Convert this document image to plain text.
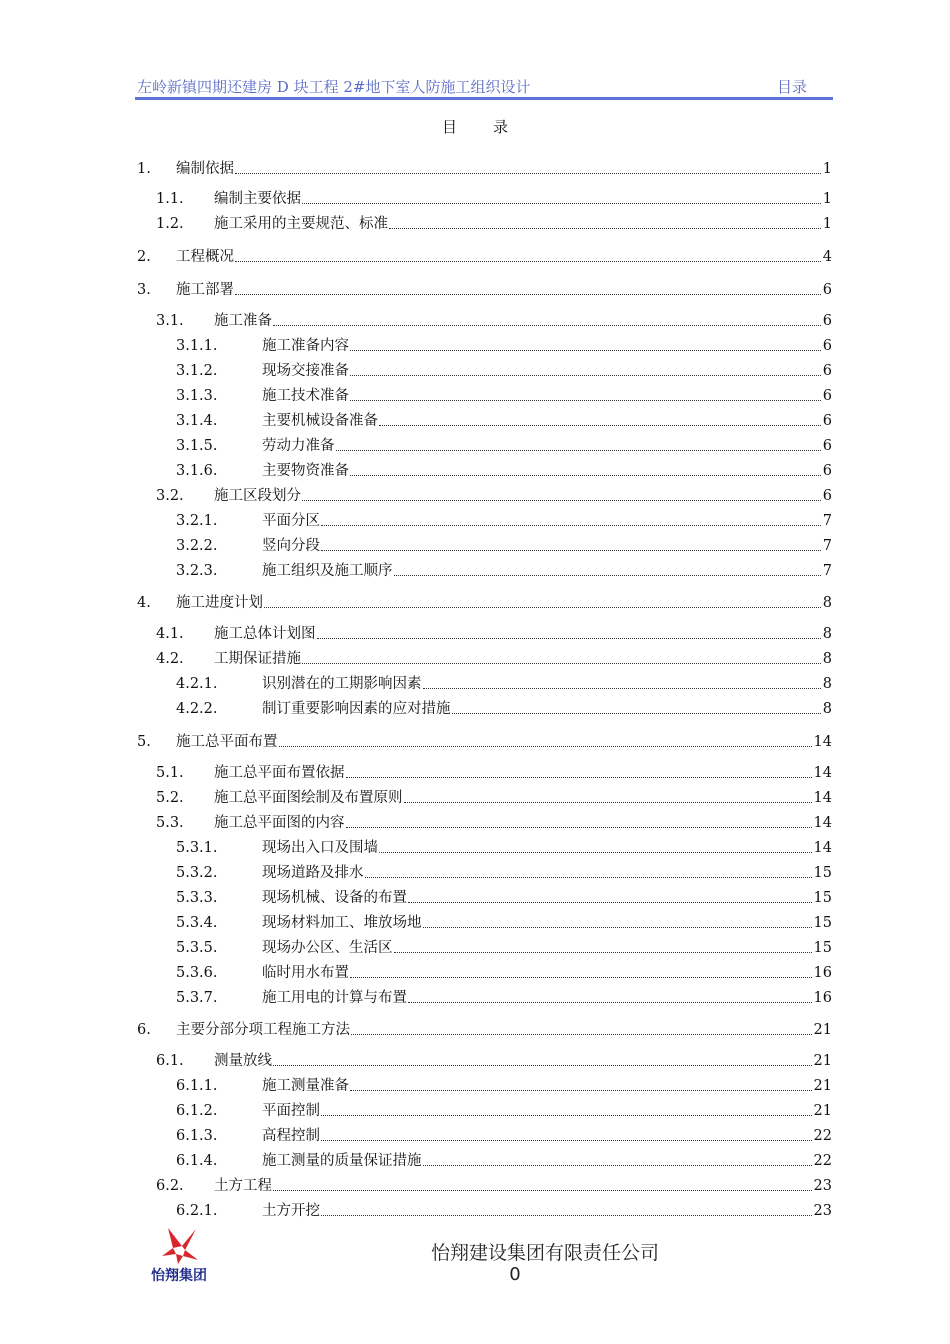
左岭新镇四期还建房 D 块工程 2#地下室人防施工组织设计	目录
目 录
1.	编制依据	1
1.1.	编制主要依据	1
1.2.	施工采用的主要规范、标准	1
2.	工程概况	4
3.	施工部署	6
3.1.	施工准备	6
3.1.1.	施工准备内容	6
3.1.2.	现场交接准备	6
3.1.3.	施工技术准备	6
3.1.4.	主要机械设备准备	6
3.1.5.	劳动力准备	6
3.1.6.	主要物资准备	6
3.2.	施工区段划分	6
3.2.1.	平面分区	7
3.2.2.	竖向分段	7
3.2.3.	施工组织及施工顺序	7
4.	施工进度计划	8
4.1.	施工总体计划图	8
4.2.	工期保证措施	8
4.2.1.	识别潜在的工期影响因素	8
4.2.2.	制订重要影响因素的应对措施	8
5.	施工总平面布置	14
5.1.	施工总平面布置依据	14
5.2.	施工总平面图绘制及布置原则	14
5.3.	施工总平面图的内容	14
5.3.1.	现场出入口及围墙	14
5.3.2.	现场道路及排水	15
5.3.3.	现场机械、设备的布置	15
5.3.4.	现场材料加工、堆放场地	15
5.3.5.	现场办公区、生活区	15
5.3.6.	临时用水布置	16
5.3.7.	施工用电的计算与布置	16
6.	主要分部分项工程施工方法	21
6.1.	测量放线	21
6.1.1.	施工测量准备	21
6.1.2.	平面控制	21
6.1.3.	高程控制	22
6.1.4.	施工测量的质量保证措施	22
6.2.	土方工程	23
6.2.1.	土方开挖	23
怡翔集团
怡翔建设集团有限责任公司
0
